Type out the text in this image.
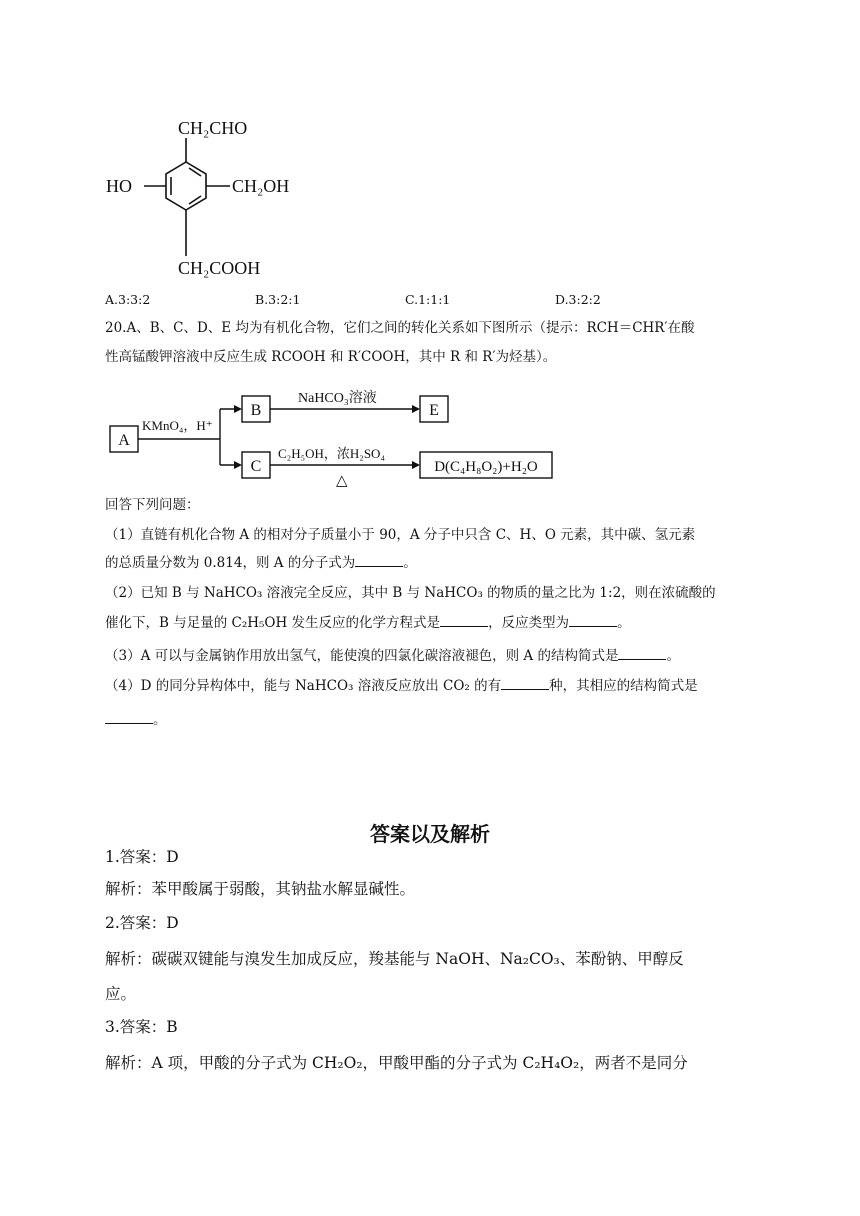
CH₂CHO
HO	CH₂OH
CH₂COOH
A.3:3:2	B.3:2:1	C.1:1:1	D.3:2:2
20.A、B、C、D、E 均为有机化合物，它们之间的转化关系如下图所示（提示：RCH＝CHR′在酸
性高锰酸钾溶液中反应生成 RCOOH 和 R′COOH，其中 R 和 R′为烃基）。
A
B	E
C	D(C₄H₈O₂)+H₂O
KMnO₄，H⁺
NaHCO₃溶液
C₂H₅OH，浓H₂SO₄
△
回答下列问题：
（1）直链有机化合物 A 的相对分子质量小于 90，A 分子中只含 C、H、O 元素，其中碳、氢元素
的总质量分数为 0.814，则 A 的分子式为	。
（2）已知 B 与 NaHCO₃ 溶液完全反应，其中 B 与 NaHCO₃ 的物质的量之比为 1:2，则在浓硫酸的
催化下，B 与足量的 C₂H₅OH 发生反应的化学方程式是	，反应类型为	。
（3）A 可以与金属钠作用放出氢气，能使溴的四氯化碳溶液褪色，则 A 的结构简式是	。
（4）D 的同分异构体中，能与 NaHCO₃ 溶液反应放出 CO₂ 的有	种，其相应的结构简式是
。
答案以及解析
1.答案：D
解析：苯甲酸属于弱酸，其钠盐水解显碱性。
2.答案：D
解析：碳碳双键能与溴发生加成反应，羧基能与 NaOH、Na₂CO₃、苯酚钠、甲醇反
应。
3.答案：B
解析：A 项，甲酸的分子式为 CH₂O₂，甲酸甲酯的分子式为 C₂H₄O₂，两者不是同分
